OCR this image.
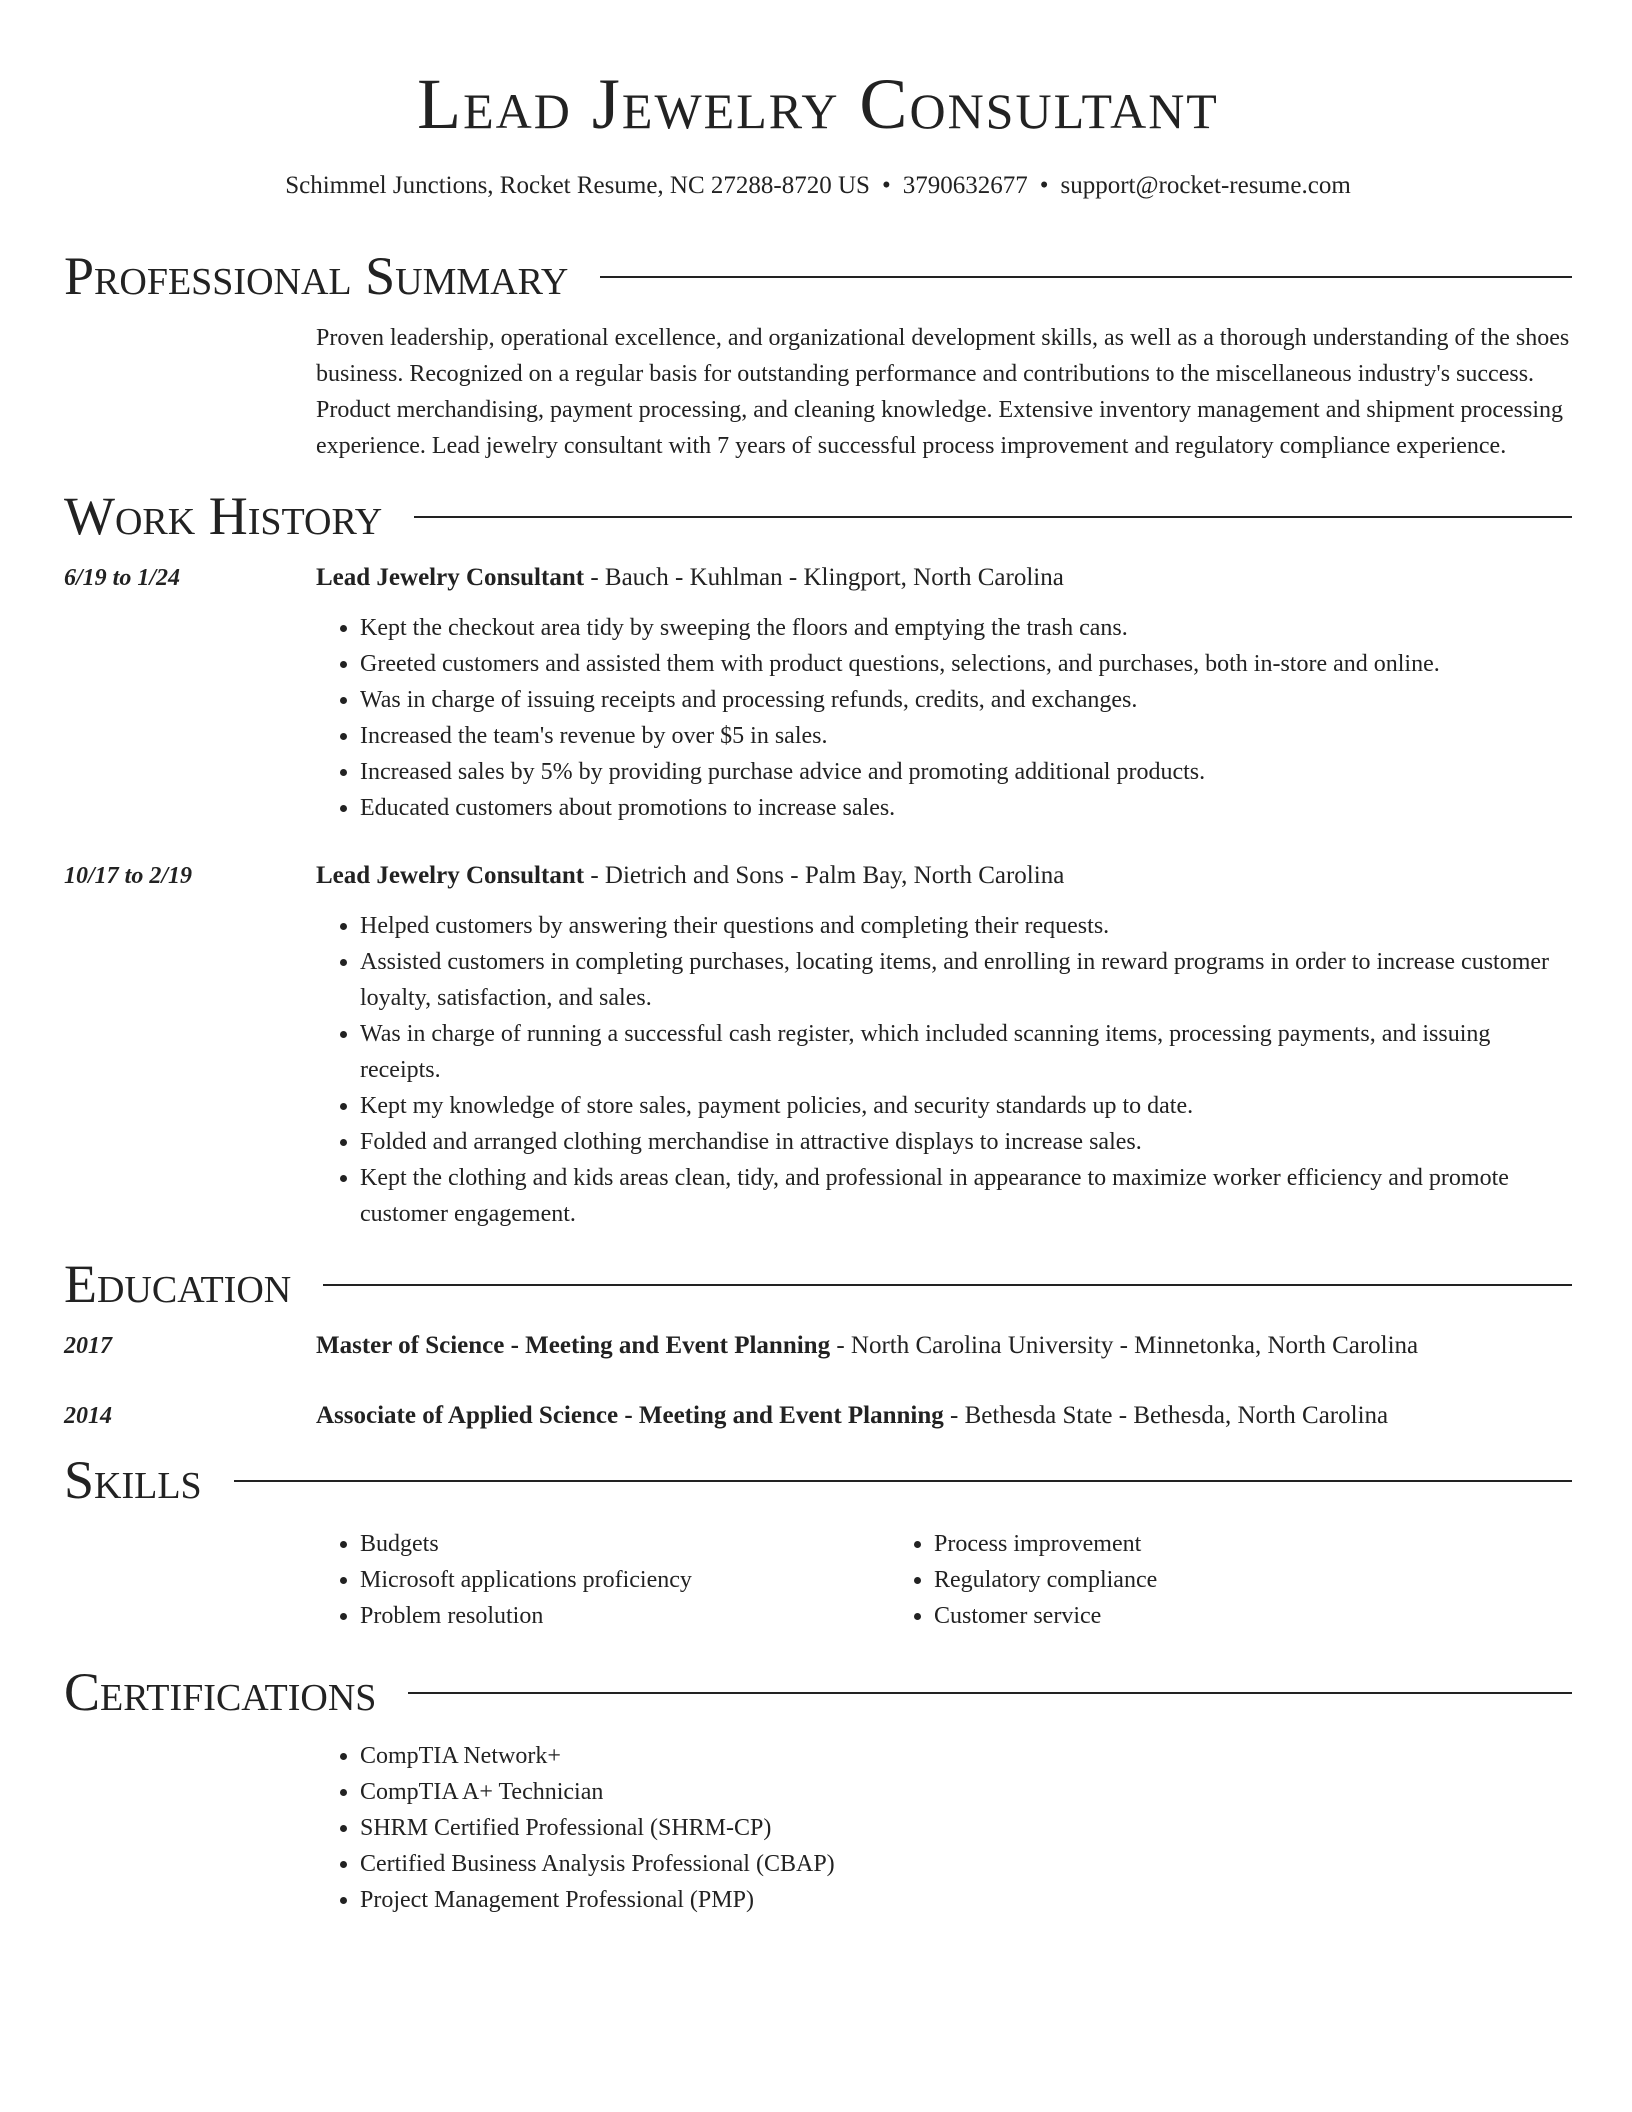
Lead Jewelry Consultant
Schimmel Junctions, Rocket Resume, NC 27288-8720 US • 3790632677 • support@rocket-resume.com
Professional Summary
Proven leadership, operational excellence, and organizational development skills, as well as a thorough understanding of the shoes business. Recognized on a regular basis for outstanding performance and contributions to the miscellaneous industry's success. Product merchandising, payment processing, and cleaning knowledge. Extensive inventory management and shipment processing experience. Lead jewelry consultant with 7 years of successful process improvement and regulatory compliance experience.
Work History
6/19 to 1/24	Lead Jewelry Consultant - Bauch - Kuhlman - Klingport, North Carolina
• Kept the checkout area tidy by sweeping the floors and emptying the trash cans.
• Greeted customers and assisted them with product questions, selections, and purchases, both in-store and online.
• Was in charge of issuing receipts and processing refunds, credits, and exchanges.
• Increased the team's revenue by over $5 in sales.
• Increased sales by 5% by providing purchase advice and promoting additional products.
• Educated customers about promotions to increase sales.
10/17 to 2/19	Lead Jewelry Consultant - Dietrich and Sons - Palm Bay, North Carolina
• Helped customers by answering their questions and completing their requests.
• Assisted customers in completing purchases, locating items, and enrolling in reward programs in order to increase customer loyalty, satisfaction, and sales.
• Was in charge of running a successful cash register, which included scanning items, processing payments, and issuing receipts.
• Kept my knowledge of store sales, payment policies, and security standards up to date.
• Folded and arranged clothing merchandise in attractive displays to increase sales.
• Kept the clothing and kids areas clean, tidy, and professional in appearance to maximize worker efficiency and promote customer engagement.
Education
2017	Master of Science - Meeting and Event Planning - North Carolina University - Minnetonka, North Carolina
2014	Associate of Applied Science - Meeting and Event Planning - Bethesda State - Bethesda, North Carolina
Skills
• Budgets
• Microsoft applications proficiency
• Problem resolution
• Process improvement
• Regulatory compliance
• Customer service
Certifications
• CompTIA Network+
• CompTIA A+ Technician
• SHRM Certified Professional (SHRM-CP)
• Certified Business Analysis Professional (CBAP)
• Project Management Professional (PMP)
